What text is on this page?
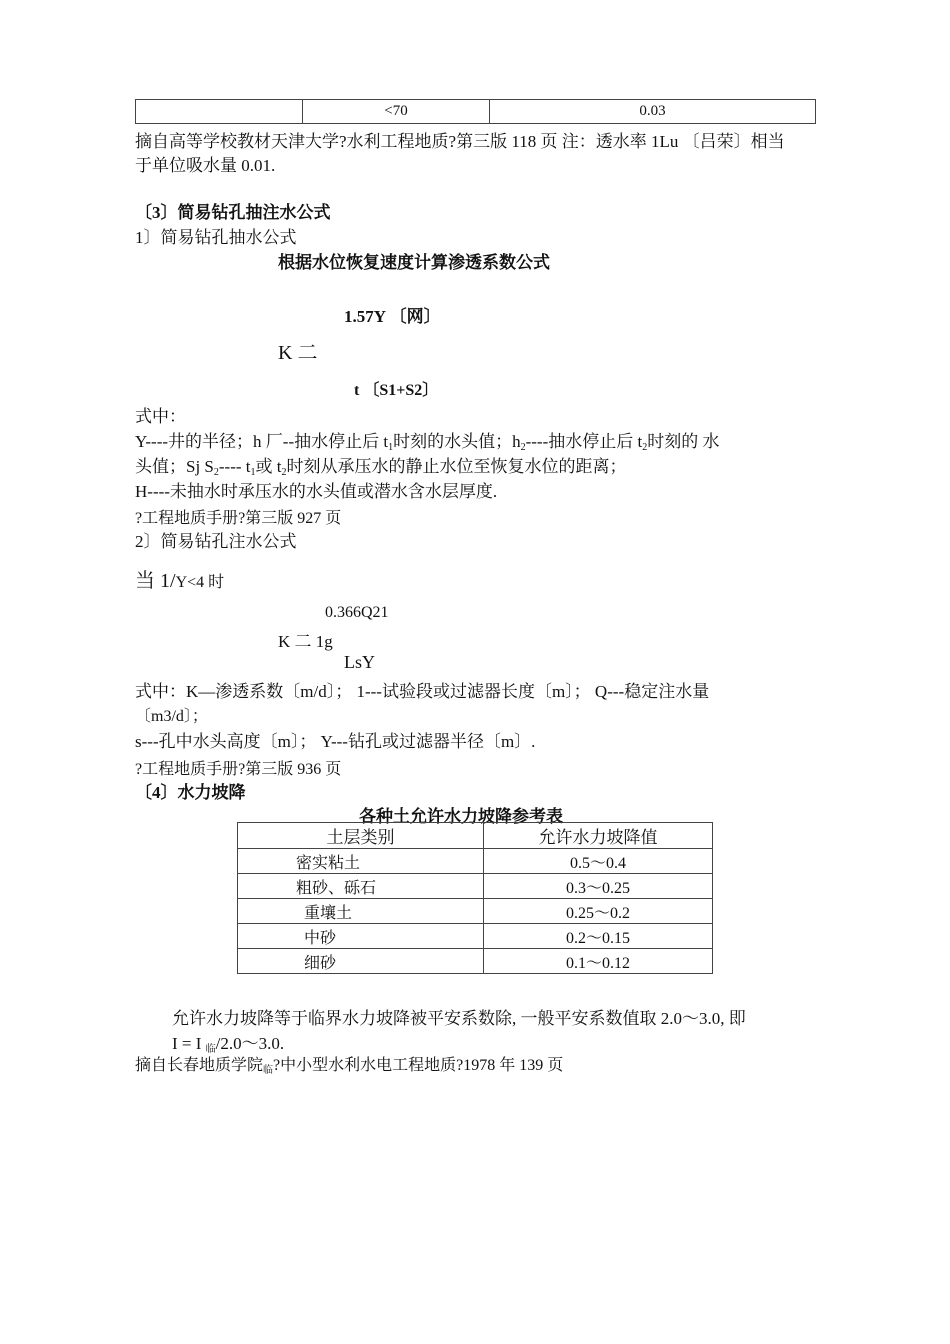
	<70	0.03
摘自高等学校教材天津大学?水利工程地质?第三版 118 页 注：透水率 1Lu 〔吕荣〕相当
于单位吸水量 0.01.
〔3〕简易钻孔抽注水公式
1〕简易钻孔抽水公式
根据水位恢复速度计算渗透系数公式
1.57Y 〔网〕
K 二
t 〔S1+S2〕
式中：
Y----井的半径；h 厂--抽水停止后 $t_1$时刻的水头值；$h_2----$抽水停止后 $t_2$时刻的 水
头值；Sj $S_2----$ $t_1$或 $t_2$时刻从承压水的静止水位至恢复水位的距离；
H----未抽水时承压水的水头值或潜水含水层厚度.
?工程地质手册?第三版 927 页
2〕简易钻孔注水公式
当 1/Y<4 时
0.366Q21
K 二 1g
LsY
式中：K—渗透系数〔m/d〕； 1---试验段或过滤器长度〔m〕； Q---稳定注水量
〔m3/d〕；
s---孔中水头高度〔m〕； Y---钻孔或过滤器半径〔m〕.
?工程地质手册?第三版 936 页
〔4〕水力坡降
各种土允许水力坡降参考表
土层类别	允许水力坡降值
密实粘土	0.5〜0.4
粗砂、砾石	0.3〜0.25
重壤土	0.25〜0.2
中砂	0.2〜0.15
细砂	0.1〜0.12
允许水力坡降等于临界水力坡降被平安系数除, 一般平安系数值取 2.0〜3.0, 即
I = I $_临$/2.0〜3.0.
摘自长春地质学院$_临$?中小型水利水电工程地质?1978 年 139 页
